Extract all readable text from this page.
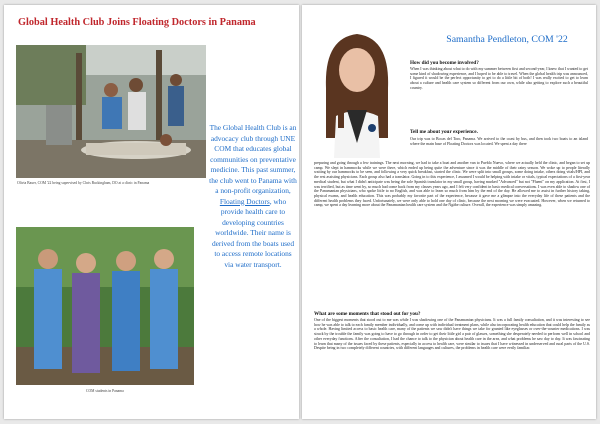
Global Health Club Joins Floating Doctors in Panama
Olivia Bauer, COM '22 being supervised by Chris Buckingham, DO at a clinic in Panama
COM students in Panama
The Global Health Club is an advocacy club through UNE COM that educates global communities on preventative medicine. This past summer, the club went to Panama with a non-profit organization, Floating Doctors, who provide health care to developing countries worldwide. Their name is derived from the boats used to access remote locations via water transport.
Samantha Pendleton, COM '22
How did you become involved?

When I was thinking about what to do with my summer between first and second-year, I knew that I wanted to get some kind of shadowing experience, and I hoped to be able to travel. When the global health trip was announced, I figured it would be the perfect opportunity to get to do a little bit of both! I was really excited to get to learn about a culture and health care system so different from our own, while also getting to explore such a beautiful country.

Tell me about your experience.

Our trip was to Bocas del Toro, Panama. We arrived to the coast by bus, and then took two boats to an island where the main base of Floating Doctors was located. We spent a day there

preparing and going through a few trainings. The next morning, we had to take a boat and another van to Pueblo Nuevo, where we actually held the clinic, and began to set up camp. We slept in hammocks while we were there, which ended up being quite the adventure since it was the middle of their rainy season. We woke up to people literally waiting by our hammocks to be seen, and following a very quick breakfast, started the clinic. We were split into small groups, some doing intake, others doing vitals/HPI, and the rest assisting physicians. Each group also had a translator. Going in to this experience, I assumed I would be helping with intake or vitals, typical expectations of a first-year medical student, but what I didn't anticipate was being the sole Spanish translator in my small group, having marked "Advanced" but not "Fluent" on my application. At first, I was terrified, but as time went by, so much had come back from my classes years ago, and I felt very confident in basic medical conversations. I was even able to shadow one of the Panamanian physicians, who spoke little to no English, and was able to learn so much from him by the end of the day. He allowed me to assist in further history taking, physical exams, and health education. This was probably my favorite part of the experience, because it gave me a glimpse into the everyday life of these patients and the different health problems they faced. Unfortunately, we were only able to hold one day of clinic, because the next morning we were evacuated. However, when we returned to camp, we spent a day learning more about the Panamanian health care system and the Ngäbe culture. Overall, the experience was simply amazing.

What are some moments that stood out for you?

One of the biggest moments that stood out to me was while I was shadowing one of the Panamanian physicians. It was a full family consultation, and it was interesting to see how he was able to talk to each family member individually, and come up with individual treatment plans, while also incorporating health education that could help the family as a whole. Having limited access to basic health care, many of the patients we saw didn't have things we take for granted like eyeglasses or over-the-counter medications. I was struck by the trouble the family was going to have to go through in order to get their little girl a pair of glasses, something she desperately needed to perform well in school and other everyday functions. After the consultation, I had the chance to talk to the physician about health care in the area, and what problems he saw day to day. It was fascinating to learn that many of the issues faced by these patients, especially in access to health care, were similar to issues that I have witnessed in underserved and rural parts of the U.S. Despite being in two completely different countries, with different languages and cultures, the problems in health care were eerily familiar.
